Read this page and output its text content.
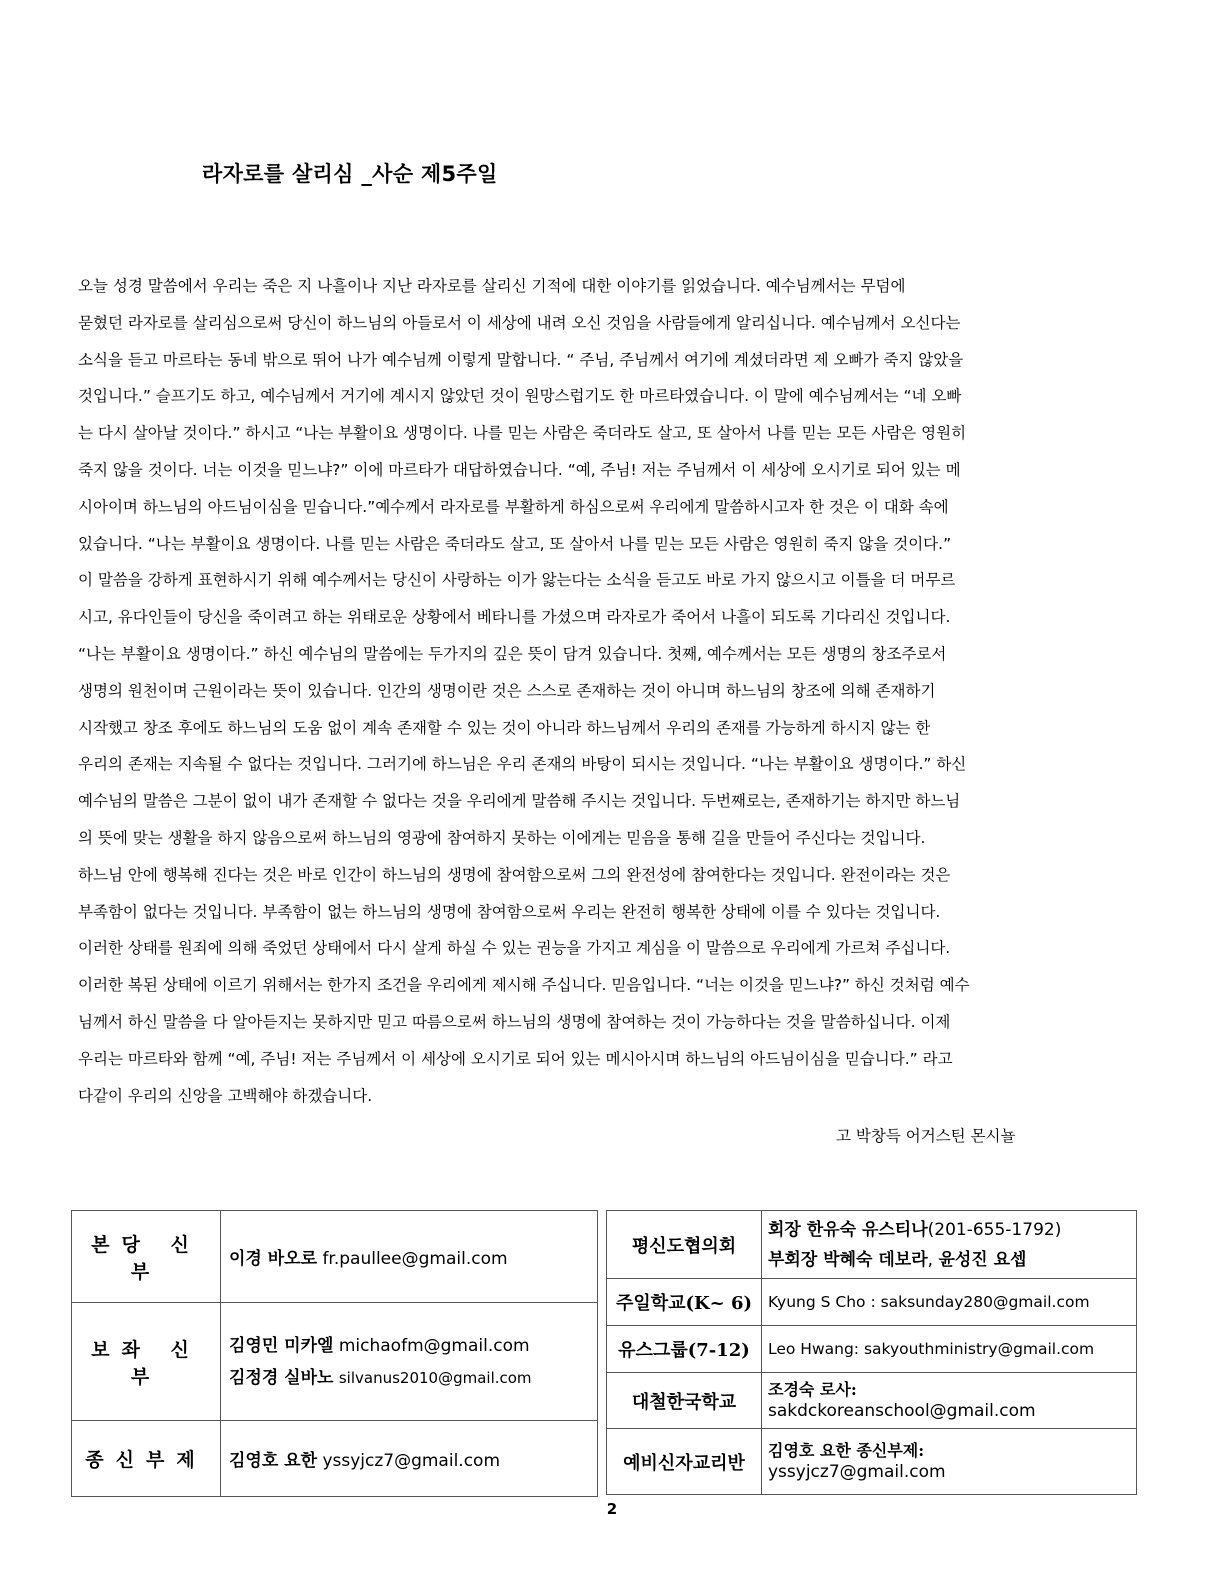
라자로를 살리심 _사순 제5주일
오늘 성경 말씀에서 우리는 죽은 지 나흘이나 지난 라자로를 살리신 기적에 대한 이야기를 읽었습니다. 예수님께서는 무덤에
묻혔던 라자로를 살리심으로써 당신이 하느님의 아들로서 이 세상에 내려 오신 것임을 사람들에게 알리십니다. 예수님께서 오신다는
소식을 듣고 마르타는 동네 밖으로 뛰어 나가 예수님께 이렇게 말합니다. “ 주님, 주님께서 여기에 계셨더라면 제 오빠가 죽지 않았을
것입니다.” 슬프기도 하고, 예수님께서 거기에 계시지 않았던 것이 원망스럽기도 한 마르타였습니다. 이 말에 예수님께서는 “네 오빠
는 다시 살아날 것이다.” 하시고 “나는 부활이요 생명이다. 나를 믿는 사람은 죽더라도 살고, 또 살아서 나를 믿는 모든 사람은 영원히
죽지 않을 것이다. 너는 이것을 믿느냐?” 이에 마르타가 대답하였습니다. “예, 주님! 저는 주님께서 이 세상에 오시기로 되어 있는 메
시아이며 하느님의 아드님이심을 믿습니다.”예수께서 라자로를 부활하게 하심으로써 우리에게 말씀하시고자 한 것은 이 대화 속에
있습니다. “나는 부활이요 생명이다. 나를 믿는 사람은 죽더라도 살고, 또 살아서 나를 믿는 모든 사람은 영원히 죽지 않을 것이다.”
이 말씀을 강하게 표현하시기 위해 예수께서는 당신이 사랑하는 이가 앓는다는 소식을 듣고도 바로 가지 않으시고 이틀을 더 머무르
시고, 유다인들이 당신을 죽이려고 하는 위태로운 상황에서 베타니를 가셨으며 라자로가 죽어서 나흘이 되도록 기다리신 것입니다.
“나는 부활이요 생명이다.” 하신 예수님의 말씀에는 두가지의 깊은 뜻이 담겨 있습니다. 첫째, 예수께서는 모든 생명의 창조주로서
생명의 원천이며 근원이라는 뜻이 있습니다. 인간의 생명이란 것은 스스로 존재하는 것이 아니며 하느님의 창조에 의해 존재하기
시작했고 창조 후에도 하느님의 도움 없이 계속 존재할 수 있는 것이 아니라 하느님께서 우리의 존재를 가능하게 하시지 않는 한
우리의 존재는 지속될 수 없다는 것입니다. 그러기에 하느님은 우리 존재의 바탕이 되시는 것입니다. “나는 부활이요 생명이다.” 하신
예수님의 말씀은 그분이 없이 내가 존재할 수 없다는 것을 우리에게 말씀해 주시는 것입니다. 두번째로는, 존재하기는 하지만 하느님
의 뜻에 맞는 생활을 하지 않음으로써 하느님의 영광에 참여하지 못하는 이에게는 믿음을 통해 길을 만들어 주신다는 것입니다.
하느님 안에 행복해 진다는 것은 바로 인간이 하느님의 생명에 참여함으로써 그의 완전성에 참여한다는 것입니다. 완전이라는 것은
부족함이 없다는 것입니다. 부족함이 없는 하느님의 생명에 참여함으로써 우리는 완전히 행복한 상태에 이를 수 있다는 것입니다.
이러한 상태를 원죄에 의해 죽었던 상태에서 다시 살게 하실 수 있는 권능을 가지고 계심을 이 말씀으로 우리에게 가르쳐 주십니다.
이러한 복된 상태에 이르기 위해서는 한가지 조건을 우리에게 제시해 주십니다. 믿음입니다. “너는 이것을 믿느냐?” 하신 것처럼 예수
님께서 하신 말씀을 다 알아듣지는 못하지만 믿고 따름으로써 하느님의 생명에 참여하는 것이 가능하다는 것을 말씀하십니다. 이제
우리는 마르타와 함께 “예, 주님! 저는 주님께서 이 세상에 오시기로 되어 있는 메시아시며 하느님의 아드님이심을 믿습니다.” 라고
다같이 우리의 신앙을 고백해야 하겠습니다.
고 박창득 어거스틴 몬시뇰
본당 신부	이경 바오로 fr.paullee@gmail.com
보좌 신부	김영민 미카엘 michaofm@gmail.com
김정경 실바노 silvanus2010@gmail.com

종신부제	김영호 요한 yssyjcz7@gmail.com
평신도협의회	회장 한유숙 유스티나(201-655-1792)
부회장 박혜숙 데보라, 윤성진 요셉

주일학교(K~ 6)	Kyung S Cho : saksunday280@gmail.com
유스그룹(7-12)	Leo Hwang: sakyouthministry@gmail.com
대철한국학교	조경숙 로사:
sakdckoreanschool@gmail.com

예비신자교리반	김영호 요한 종신부제:
yssyjcz7@gmail.com
2
